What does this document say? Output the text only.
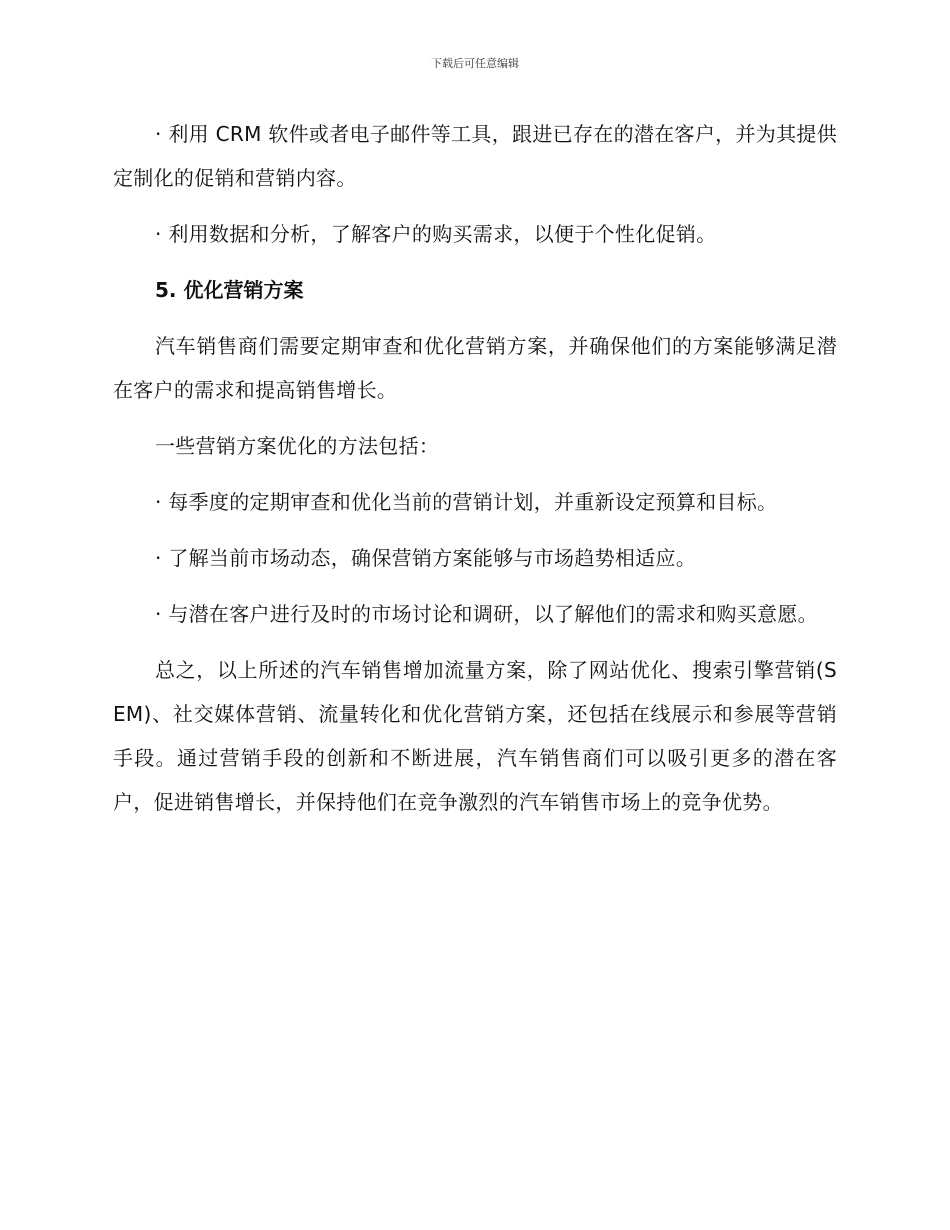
下载后可任意编辑

· 利用 CRM 软件或者电子邮件等工具，跟进已存在的潜在客户，并为其提供定制化的促销和营销内容。

· 利用数据和分析，了解客户的购买需求，以便于个性化促销。

5. 优化营销方案

汽车销售商们需要定期审查和优化营销方案，并确保他们的方案能够满足潜在客户的需求和提高销售增长。

一些营销方案优化的方法包括：

· 每季度的定期审查和优化当前的营销计划，并重新设定预算和目标。

· 了解当前市场动态，确保营销方案能够与市场趋势相适应。

· 与潜在客户进行及时的市场讨论和调研，以了解他们的需求和购买意愿。

总之，以上所述的汽车销售增加流量方案，除了网站优化、搜索引擎营销(SEM)、社交媒体营销、流量转化和优化营销方案，还包括在线展示和参展等营销手段。通过营销手段的创新和不断进展，汽车销售商们可以吸引更多的潜在客户，促进销售增长，并保持他们在竞争激烈的汽车销售市场上的竞争优势。
